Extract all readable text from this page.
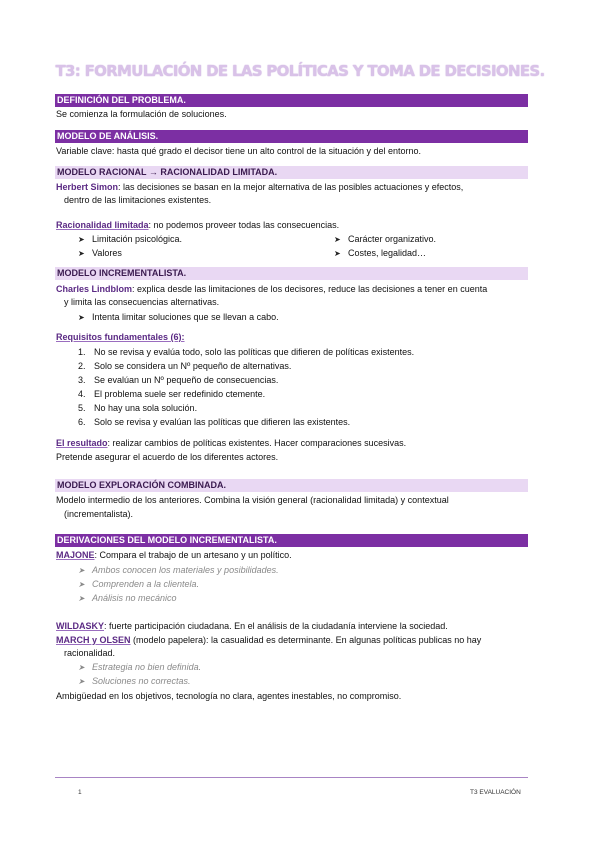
T3: FORMULACIÓN DE LAS POLÍTICAS Y TOMA DE DECISIONES.
DEFINICIÓN DEL PROBLEMA.
Se comienza la formulación de soluciones.
MODELO DE ANÁLISIS.
Variable clave: hasta qué grado el decisor tiene un alto control de la situación y del entorno.
MODELO RACIONAL → RACIONALIDAD LIMITADA.
Herbert Simon: las decisiones se basan en la mejor alternativa de las posibles actuaciones y efectos,
dentro de las limitaciones existentes.
Racionalidad limitada: no podemos proveer todas las consecuencias.
➤ Limitación psicológica.	➤ Carácter organizativo.
➤ Valores	➤ Costes, legalidad…
MODELO INCREMENTALISTA.
Charles Lindblom: explica desde las limitaciones de los decisores, reduce las decisiones a tener en cuenta
y limita las consecuencias alternativas.
➤ Intenta limitar soluciones que se llevan a cabo.
Requisitos fundamentales (6):
1. No se revisa y evalúa todo, solo las políticas que difieren de políticas existentes.
2. Solo se considera un Nº pequeño de alternativas.
3. Se evalúan un Nº pequeño de consecuencias.
4. El problema suele ser redefinido ctemente.
5. No hay una sola solución.
6. Solo se revisa y evalúan las políticas que difieren las existentes.
El resultado: realizar cambios de políticas existentes. Hacer comparaciones sucesivas.
Pretende asegurar el acuerdo de los diferentes actores.
MODELO EXPLORACIÓN COMBINADA.
Modelo intermedio de los anteriores. Combina la visión general (racionalidad limitada) y contextual
(incrementalista).
DERIVACIONES DEL MODELO INCREMENTALISTA.
MAJONE: Compara el trabajo de un artesano y un político.
➤ Ambos conocen los materiales y posibilidades.
➤ Comprenden a la clientela.
➤ Análisis no mecánico
WILDASKY: fuerte participación ciudadana. En el análisis de la ciudadanía interviene la sociedad.
MARCH y OLSEN (modelo papelera): la casualidad es determinante. En algunas políticas publicas no hay
racionalidad.
➤ Estrategia no bien definida.
➤ Soluciones no correctas.
Ambigüedad en los objetivos, tecnología no clara, agentes inestables, no compromiso.
1	T3 EVALUACIÓN
